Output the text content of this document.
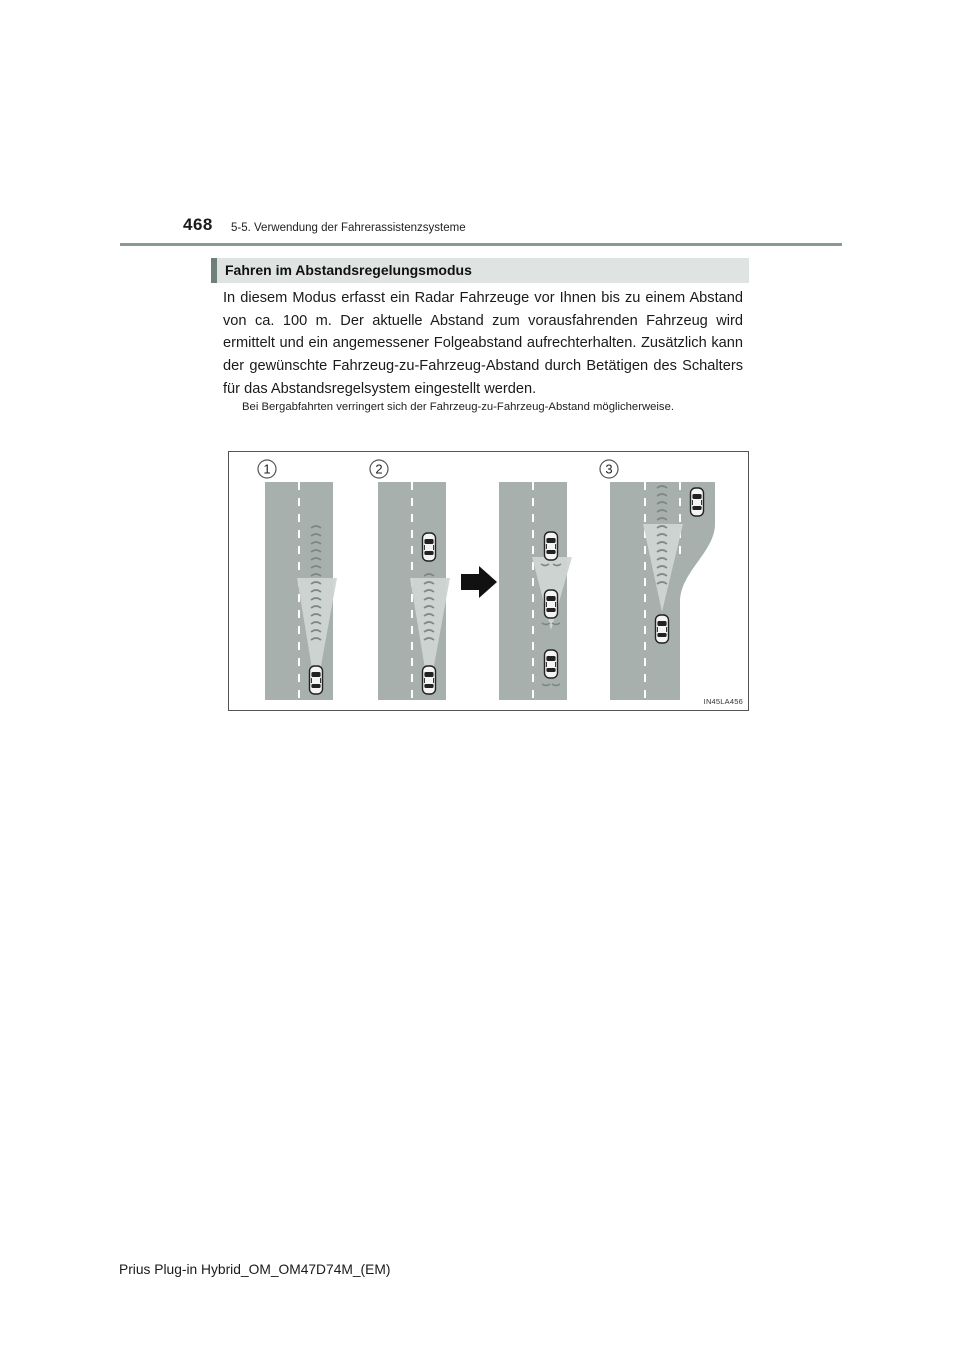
468 5-5. Verwendung der Fahrerassistenzsysteme
Fahren im Abstandsregelungsmodus
In diesem Modus erfasst ein Radar Fahrzeuge vor Ihnen bis zu einem Abstand von ca. 100 m. Der aktuelle Abstand zum vorausfahrenden Fahrzeug wird ermittelt und ein angemessener Folgeabstand aufrechterhalten. Zusätzlich kann der gewünschte Fahrzeug-zu-Fahrzeug-Abstand durch Betätigen des Schalters für das Abstandsregelsystem eingestellt werden.
Bei Bergabfahrten verringert sich der Fahrzeug-zu-Fahrzeug-Abstand möglicherweise.
1	2	3
IN45LA456
Prius Plug-in Hybrid_OM_OM47D74M_(EM)
